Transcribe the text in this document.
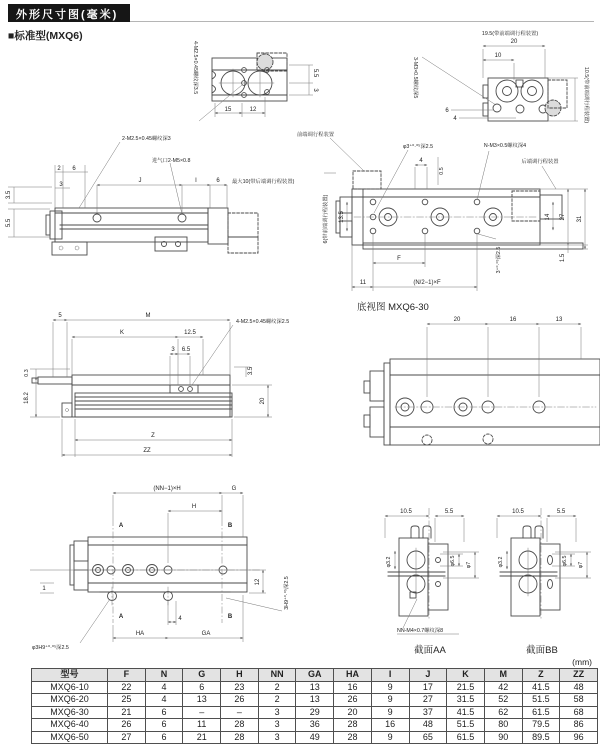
外形尺寸图(毫米)
■标准型(MXQ6)
4-M2.5×0.45螺纹深3.5
15	12
5.5
3
19.5(带前端调行程装置)
20
10
3-M3×0.5螺纹深5
6
4	10.5(带前端调行程装置)
2-M2.5×0.45螺纹深3
进气口2-M5×0.8
2 6
3
3.5
5.5
J	I	6 最大10(带后端调行程装置)
前端调行程装置
φ3⁺⁰·⁰⁵深2.5
4
0.5
N-M3×0.5螺纹深4
后端调行程装置
6(带前端调行程装置) 13.5	14 27 31
1.5
F
11	(N/2−1)×F
3⁺⁰·⁰⁵深2.5
5	M
K	12.5
3 6.5
0.3
18.2
4-M2.5×0.45螺纹深2.5
3.5
20
Z
ZZ
底视图 MXQ6-30
20	16	13
(NN−1)×H	G
H
A	B
A	B
12
1
4
HA	GA
φ3H9⁺⁰·⁰⁵深2.5
3H9⁺⁰·⁰⁵深2.5
10.5	5.5
φ3.2	φ6.5 φ7
NN-M4×0.7螺纹深8
截面AA
10.5	5.5
φ3.2	φ6.5 φ7
截面BB
(mm)
型号	F	N	G	H	NN	GA	HA	I	J	K	M	Z	ZZ
MXQ6-10	22	4	6	23	2	13	16	9	17	21.5	42	41.5	48
MXQ6-20	25	4	13	26	2	13	26	9	27	31.5	52	51.5	58
MXQ6-30	21	6	–	–	3	29	20	9	37	41.5	62	61.5	68
MXQ6-40	26	6	11	28	3	36	28	16	48	51.5	80	79.5	86
MXQ6-50	27	6	21	28	3	49	28	9	65	61.5	90	89.5	96
